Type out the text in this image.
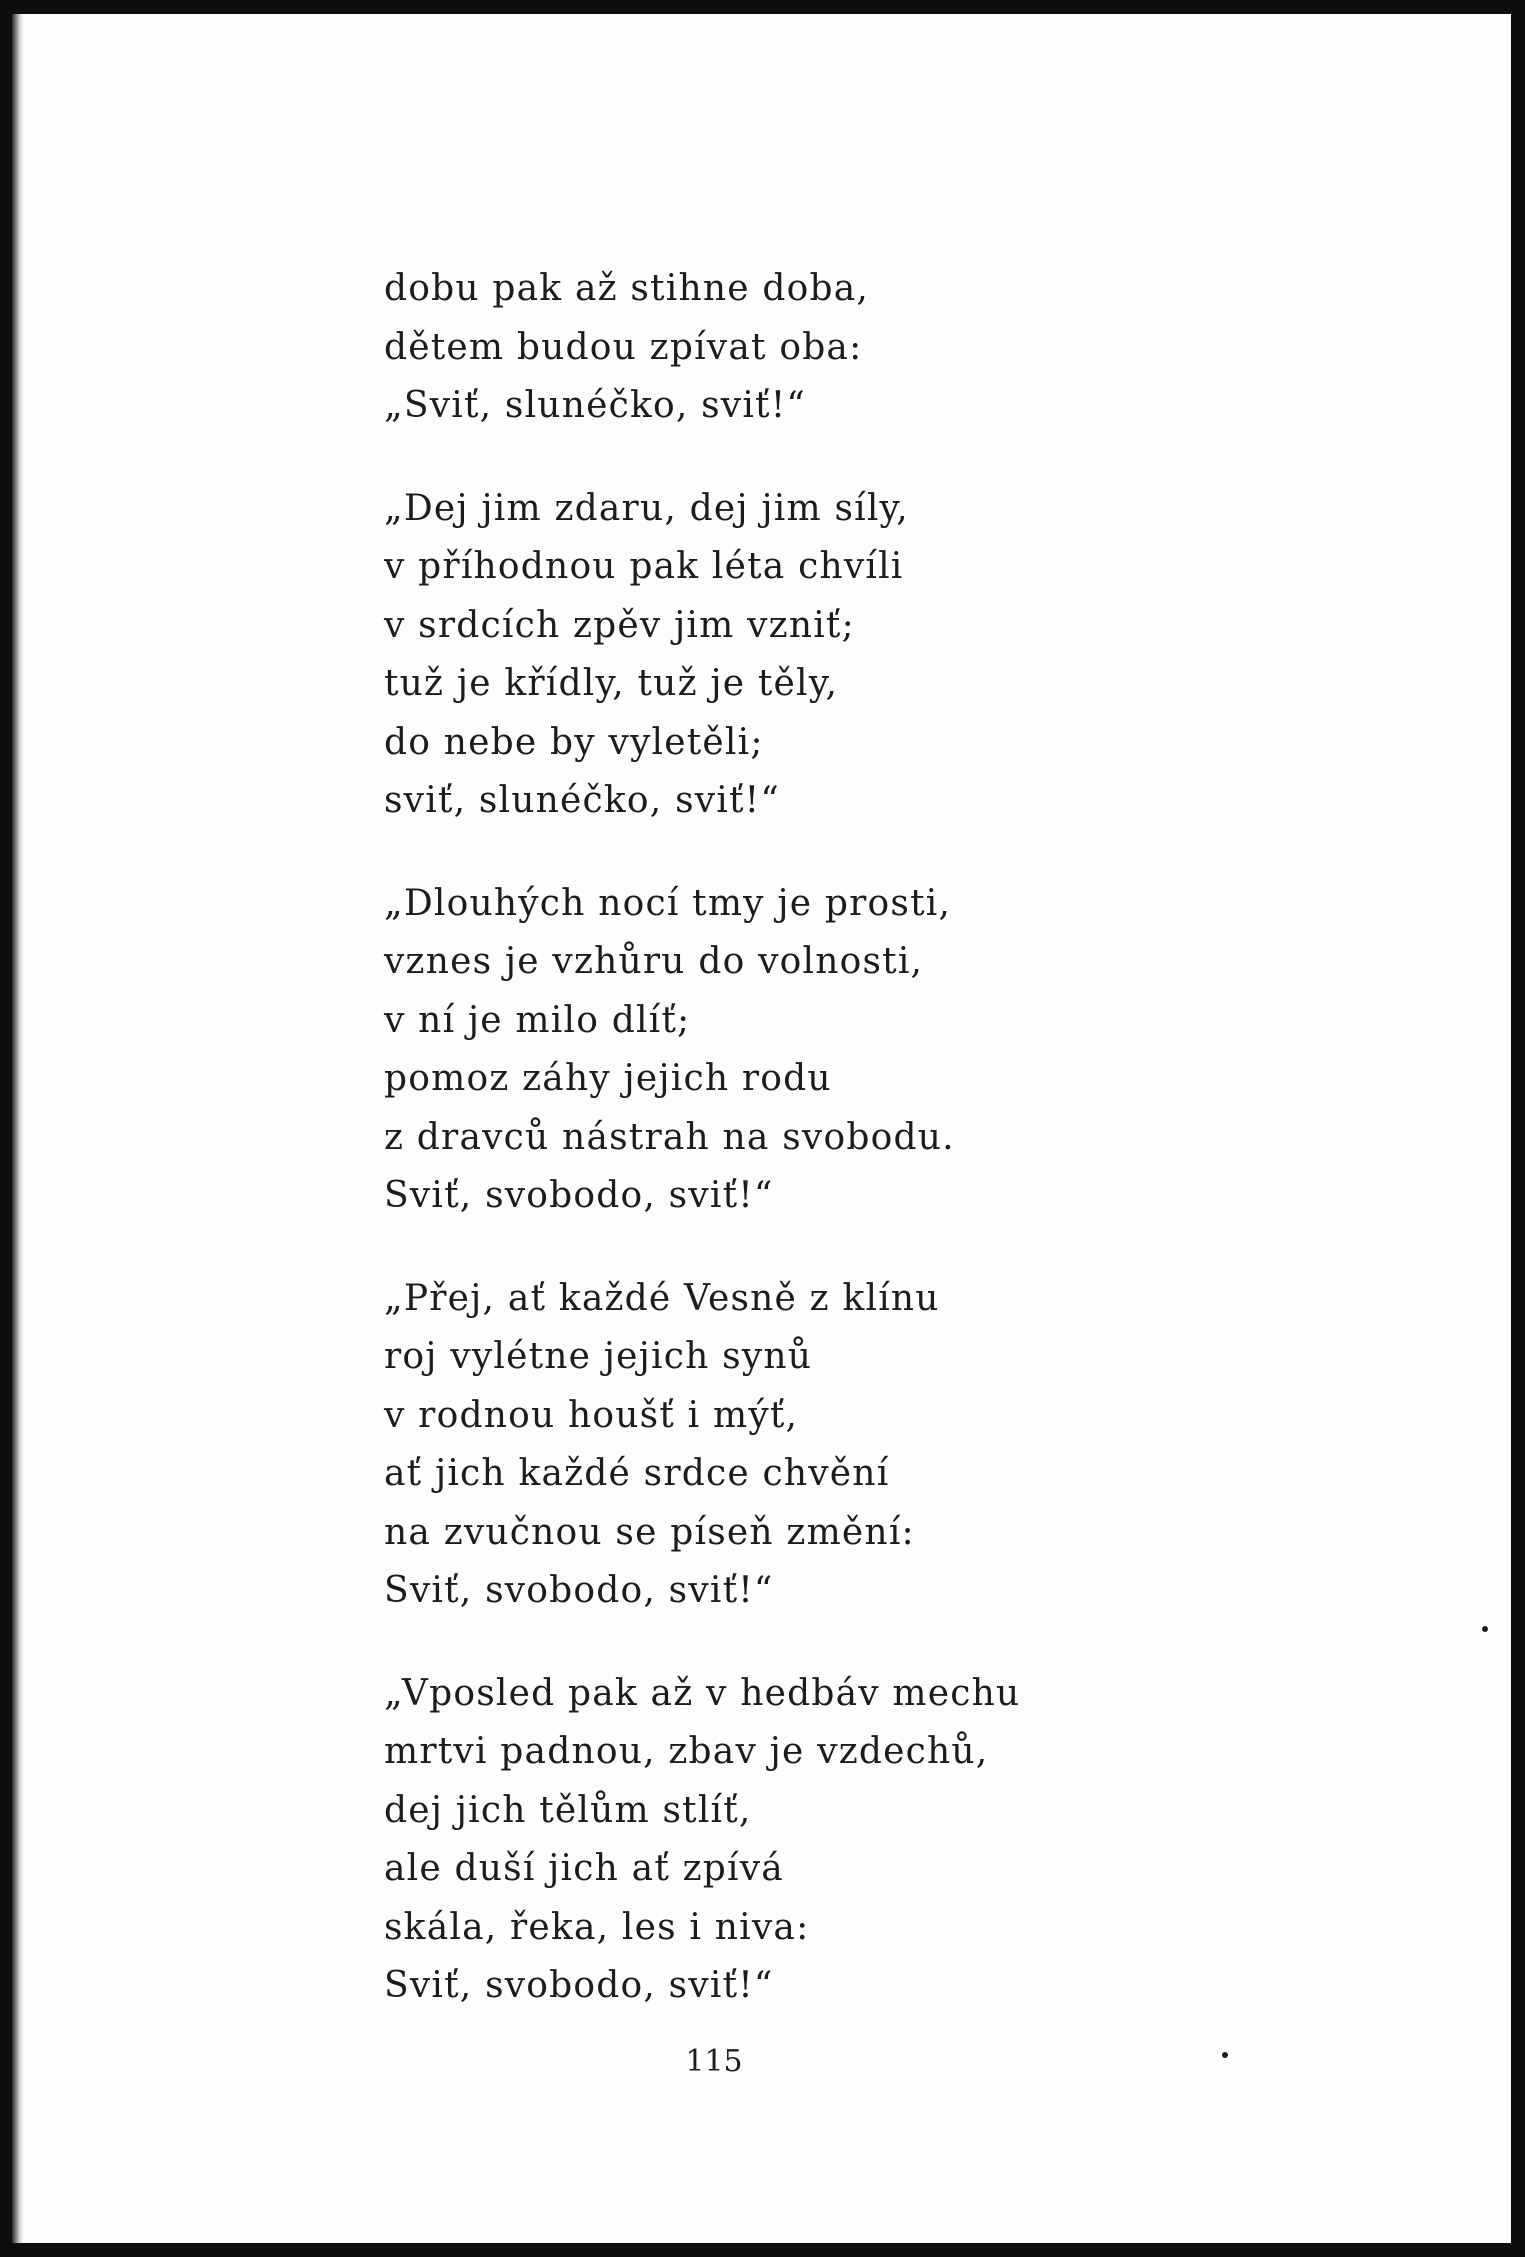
dobu pak až stihne doba,
dětem budou zpívat oba:
„Sviť, slunéčko, sviť!“
„Dej jim zdaru, dej jim síly,
v příhodnou pak léta chvíli
v srdcích zpěv jim vzniť;
tuž je křídly, tuž je těly,
do nebe by vyletěli;
sviť, slunéčko, sviť!“
„Dlouhých nocí tmy je prosti,
vznes je vzhůru do volnosti,
v ní je milo dlíť;
pomoz záhy jejich rodu
z dravců nástrah na svobodu.
Sviť, svobodo, sviť!“
„Přej, ať každé Vesně z klínu
roj vylétne jejich synů
v rodnou houšť i mýť,
ať jich každé srdce chvění
na zvučnou se píseň změní:
Sviť, svobodo, sviť!“
„Vposled pak až v hedbáv mechu
mrtvi padnou, zbav je vzdechů,
dej jich tělům stlíť,
ale duší jich ať zpívá
skála, řeka, les i niva:
Sviť, svobodo, sviť!“
115
